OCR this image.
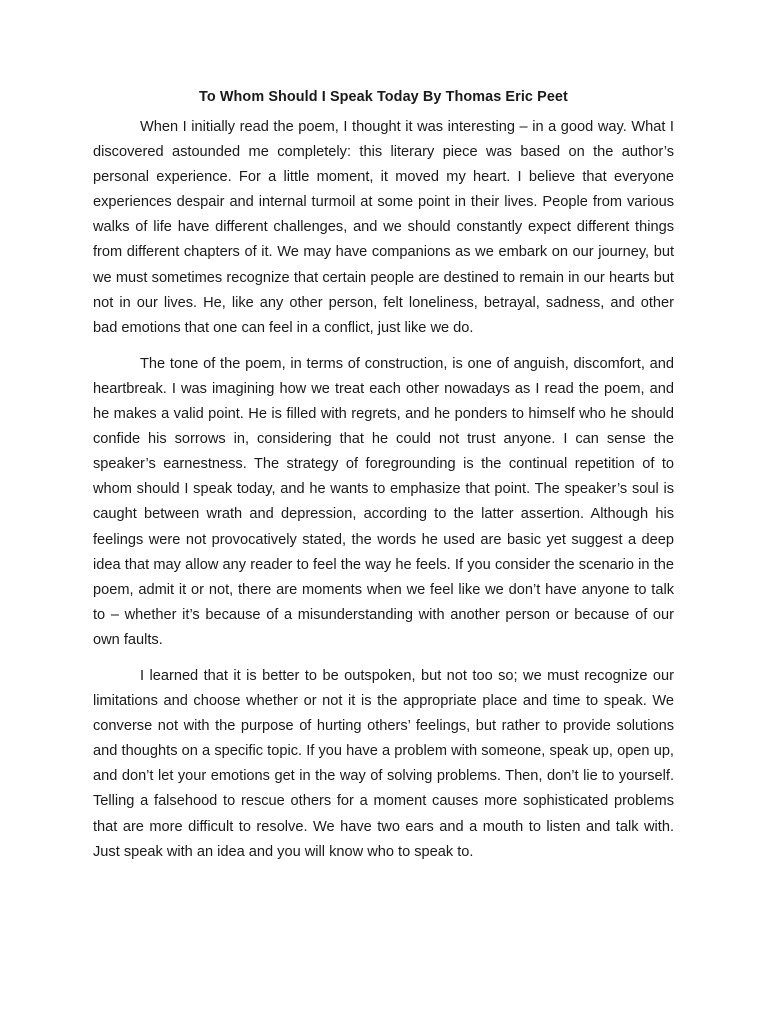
To Whom Should I Speak Today By Thomas Eric Peet

When I initially read the poem, I thought it was interesting – in a good way. What I discovered astounded me completely: this literary piece was based on the author’s personal experience. For a little moment, it moved my heart. I believe that everyone experiences despair and internal turmoil at some point in their lives. People from various walks of life have different challenges, and we should constantly expect different things from different chapters of it. We may have companions as we embark on our journey, but we must sometimes recognize that certain people are destined to remain in our hearts but not in our lives. He, like any other person, felt loneliness, betrayal, sadness, and other bad emotions that one can feel in a conflict, just like we do.

The tone of the poem, in terms of construction, is one of anguish, discomfort, and heartbreak. I was imagining how we treat each other nowadays as I read the poem, and he makes a valid point. He is filled with regrets, and he ponders to himself who he should confide his sorrows in, considering that he could not trust anyone. I can sense the speaker’s earnestness. The strategy of foregrounding is the continual repetition of to whom should I speak today, and he wants to emphasize that point. The speaker’s soul is caught between wrath and depression, according to the latter assertion. Although his feelings were not provocatively stated, the words he used are basic yet suggest a deep idea that may allow any reader to feel the way he feels. If you consider the scenario in the poem, admit it or not, there are moments when we feel like we don’t have anyone to talk to – whether it’s because of a misunderstanding with another person or because of our own faults.

I learned that it is better to be outspoken, but not too so; we must recognize our limitations and choose whether or not it is the appropriate place and time to speak. We converse not with the purpose of hurting others’ feelings, but rather to provide solutions and thoughts on a specific topic. If you have a problem with someone, speak up, open up, and don’t let your emotions get in the way of solving problems. Then, don’t lie to yourself. Telling a falsehood to rescue others for a moment causes more sophisticated problems that are more difficult to resolve. We have two ears and a mouth to listen and talk with. Just speak with an idea and you will know who to speak to.
